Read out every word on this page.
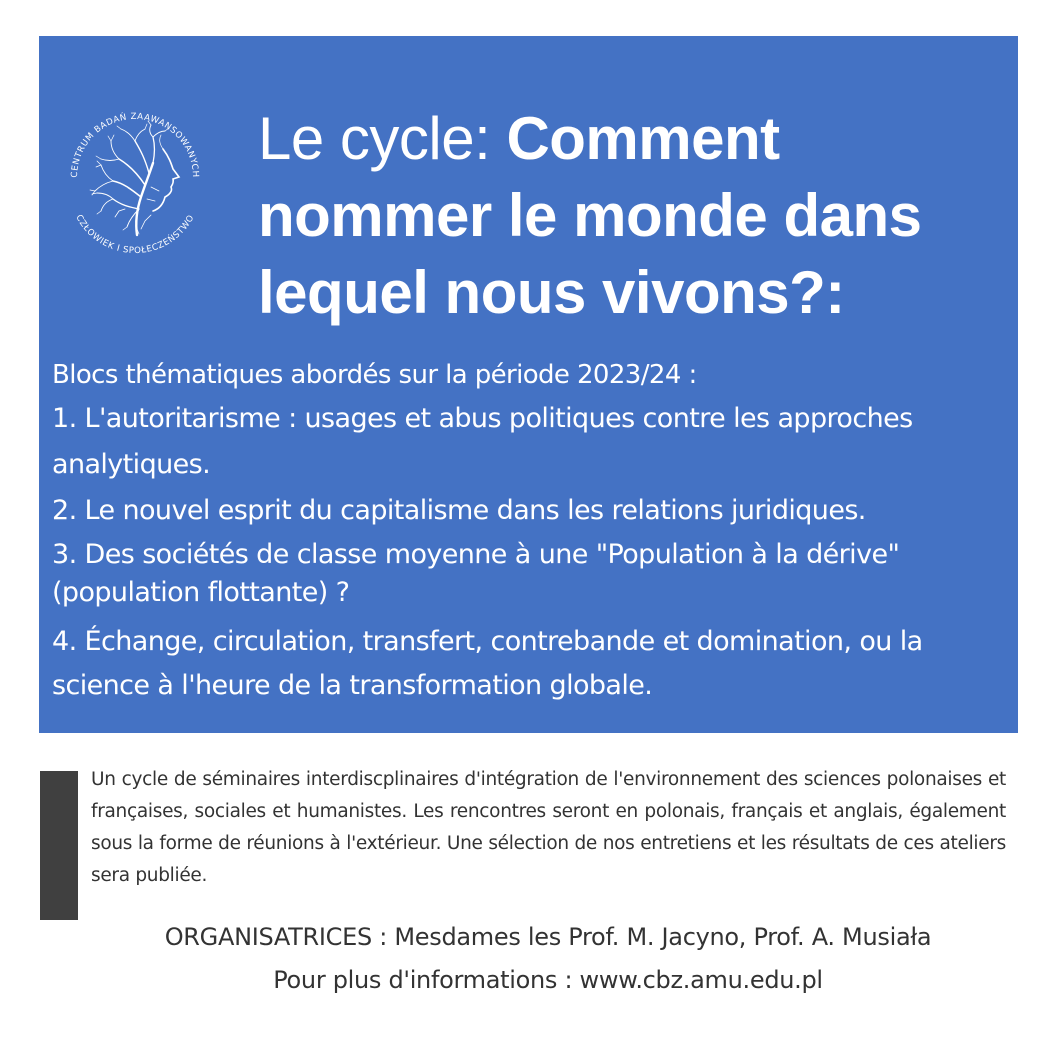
CENTRUM BADAŃ ZAAWANSOWANYCH
CZŁOWIEK I SPOŁECZEŃSTWO
Le cycle: Comment nommer le monde dans lequel nous vivons?:
Blocs thématiques abordés sur la période 2023/24 :
1. L'autoritarisme : usages et abus politiques contre les approches analytiques.
2. Le nouvel esprit du capitalisme dans les relations juridiques.
3. Des sociétés de classe moyenne à une "Population à la dérive" (population flottante) ?
4. Échange, circulation, transfert, contrebande et domination, ou la science à l'heure de la transformation globale.
Un cycle de séminaires interdiscplinaires d'intégration de l'environnement des sciences polonaises et françaises, sociales et humanistes. Les rencontres seront en polonais, français et anglais, également sous la forme de réunions à l'extérieur. Une sélection de nos entretiens et les résultats de ces ateliers sera publiée.
ORGANISATRICES : Mesdames les Prof. M. Jacyno, Prof. A. Musiała
Pour plus d'informations : www.cbz.amu.edu.pl
